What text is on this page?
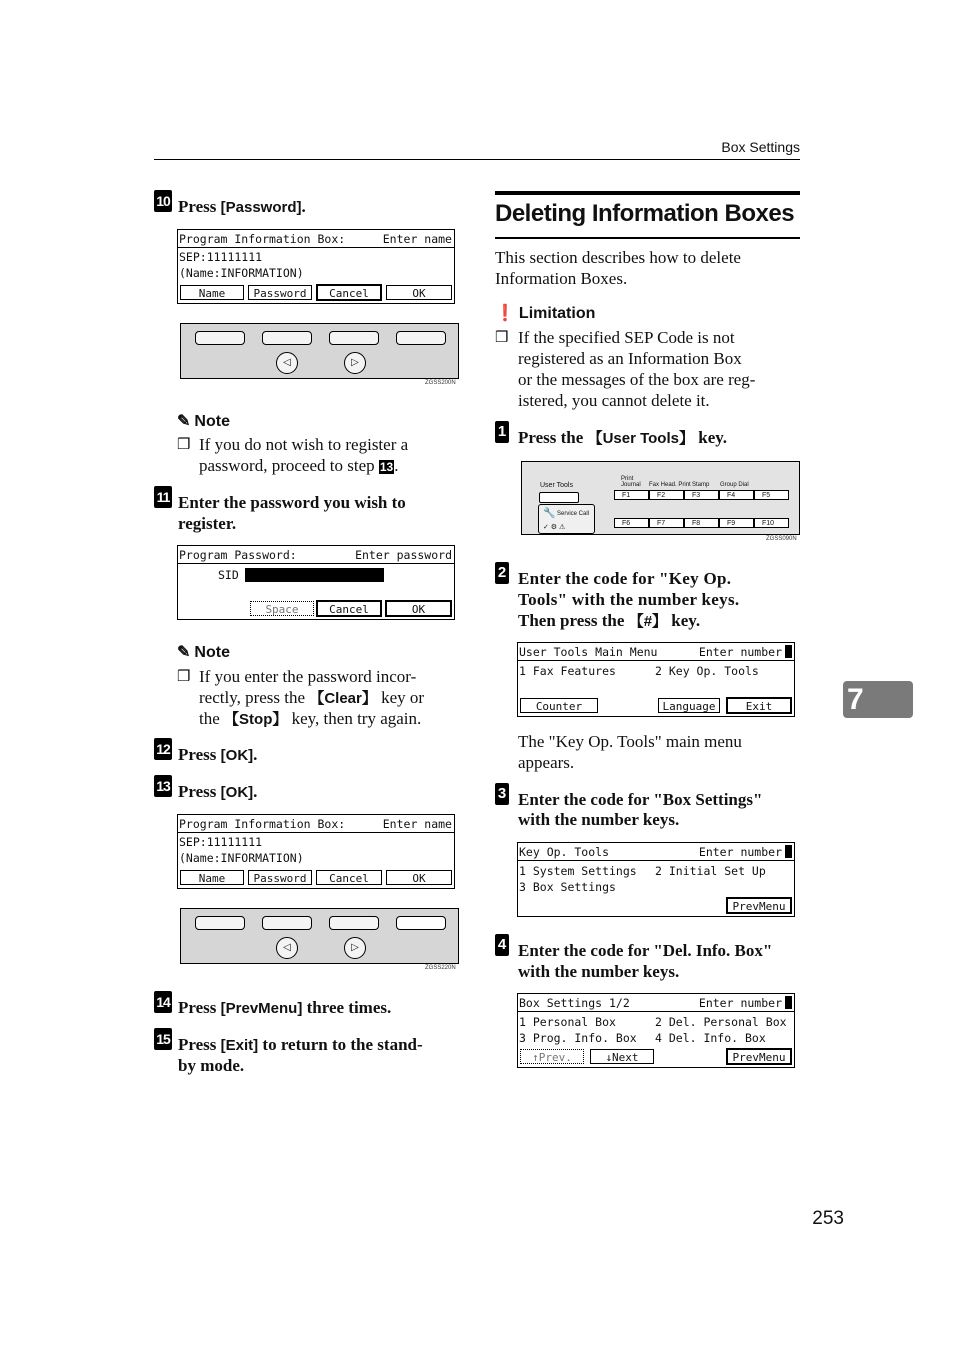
Box Settings
7
253
10 Press [Password].
Program Information Box:	Enter name
SEP:11111111
(Name:INFORMATION)
Name	Password	Cancel	OK
◁	▷
ZGSS200N
✎ Note
❒ If you do not wish to register a
password, proceed to step 13.
11 Enter the password you wish to
register.
Program Password:	Enter password
SID
Space	Cancel	OK
✎ Note
❒ If you enter the password incor-
rectly, press the 【Clear】 key or
the 【Stop】 key, then try again.
12 Press [OK].
13 Press [OK].
Program Information Box:	Enter name
SEP:11111111
(Name:INFORMATION)
Name	Password	Cancel	OK
◁	▷
ZGSS220N
14 Press [PrevMenu] three times.
15 Press [Exit] to return to the stand-
by mode.
Deleting Information Boxes
This section describes how to delete
Information Boxes.
❗ Limitation
❒ If the specified SEP Code is not
registered as an Information Box
or the messages of the box are reg-
istered, you cannot delete it.
1 Press the 【User Tools】 key.
User Tools
🔧 Service Call
✓ ⚙ ⚠
Print Journal	Fax Head. Print Stamp Group Dial
F1	F2	F3	F4	F5
F6	F7	F8	F9	F10
ZGSS090N
2 Enter the code for "Key Op.
Tools" with the number keys.
Then press the 【#】 key.
User Tools Main Menu	Enter number
1 Fax Features	2 Key Op. Tools
Counter	Language	Exit
The "Key Op. Tools" main menu
appears.
3 Enter the code for "Box Settings"
with the number keys.
Key Op. Tools	Enter number
1 System Settings 2 Initial Set Up
3 Box Settings
PrevMenu
4 Enter the code for "Del. Info. Box"
with the number keys.
Box Settings 1/2	Enter number
1 Personal Box	2 Del. Personal Box
3 Prog. Info. Box 4 Del. Info. Box
↑Prev.	↓Next	PrevMenu
